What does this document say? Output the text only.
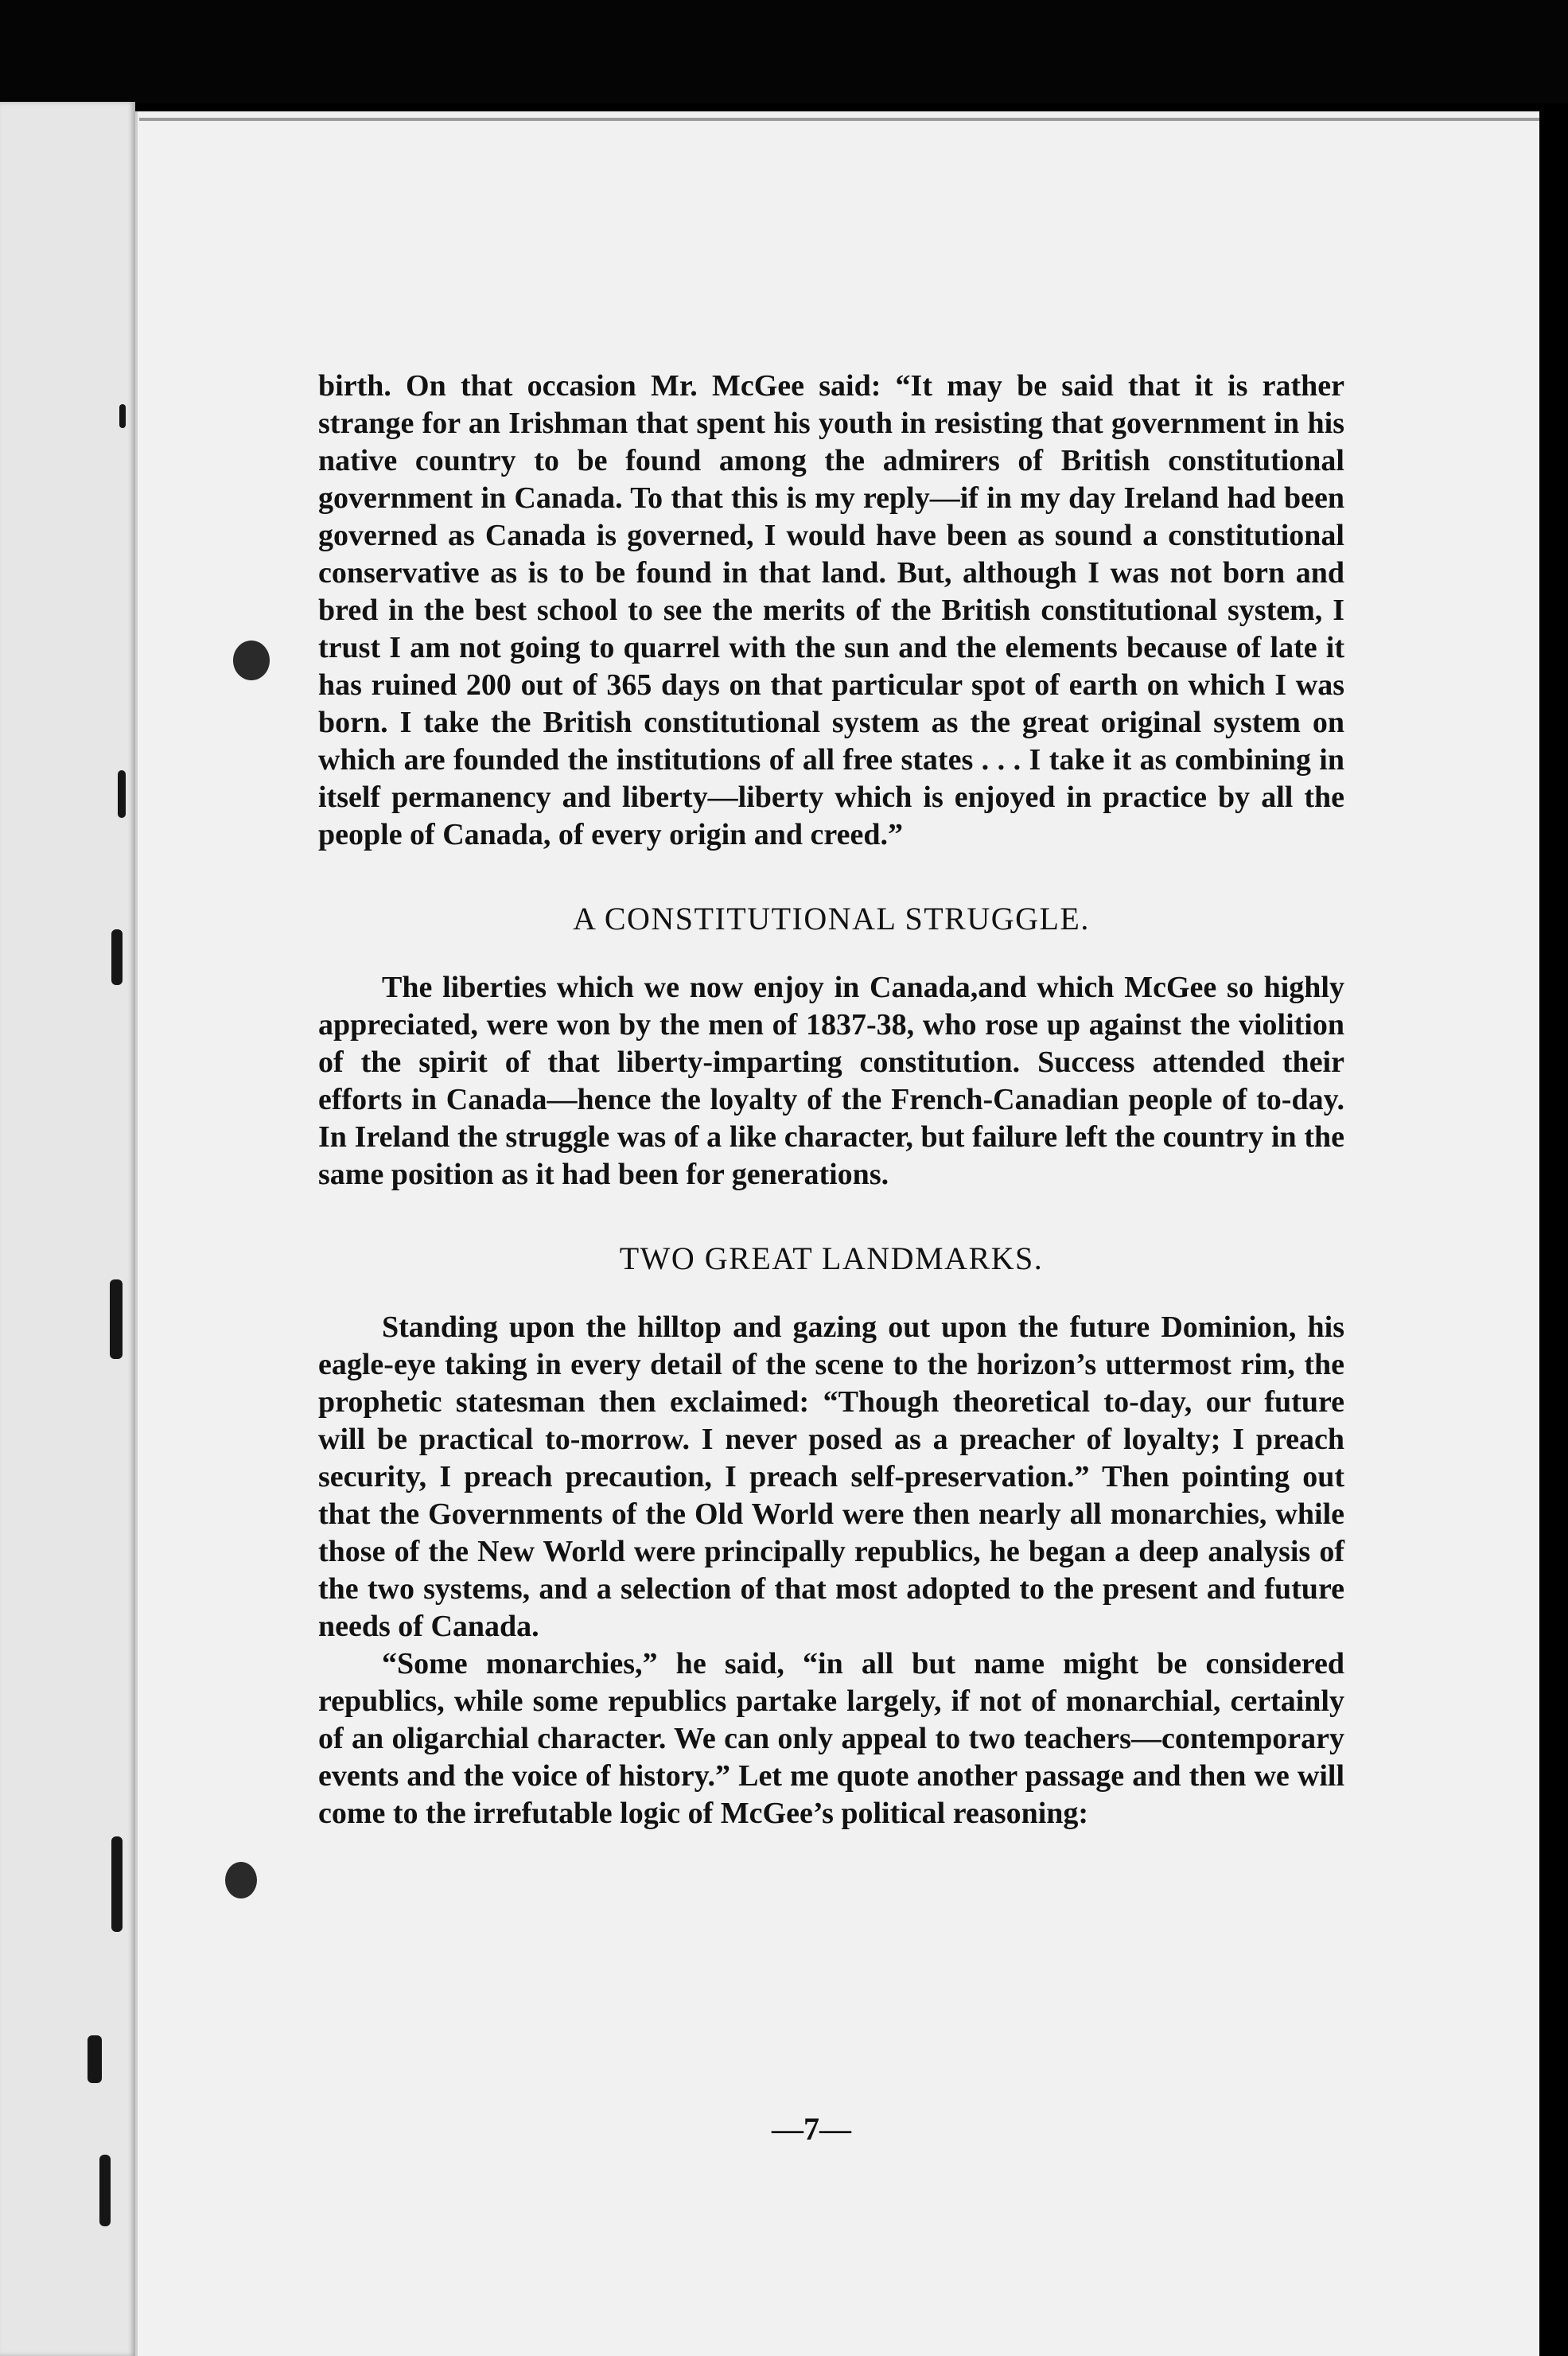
birth. On that occasion Mr. McGee said: “It may be said that it is rather strange for an Irishman that spent his youth in resisting that government in his native country to be found among the admirers of British constitutional government in Canada. To that this is my reply—if in my day Ireland had been governed as Canada is governed, I would have been as sound a constitutional conservative as is to be found in that land. But, although I was not born and bred in the best school to see the merits of the British constitutional system, I trust I am not going to quarrel with the sun and the elements because of late it has ruined 200 out of 365 days on that particular spot of earth on which I was born. I take the British constitutional system as the great original system on which are founded the institutions of all free states . . . I take it as combining in itself permanency and liberty—liberty which is enjoyed in practice by all the people of Canada, of every origin and creed.”

A CONSTITUTIONAL STRUGGLE.

The liberties which we now enjoy in Canada,and which McGee so highly appreciated, were won by the men of 1837-38, who rose up against the violition of the spirit of that liberty-imparting constitution. Success attended their efforts in Canada—hence the loyalty of the French-Canadian people of to-day. In Ireland the struggle was of a like character, but failure left the country in the same position as it had been for generations.

TWO GREAT LANDMARKS.

Standing upon the hilltop and gazing out upon the future Dominion, his eagle-eye taking in every detail of the scene to the horizon’s uttermost rim, the prophetic statesman then exclaimed: “Though theoretical to-day, our future will be practical to-morrow. I never posed as a preacher of loyalty; I preach security, I preach precaution, I preach self-preservation.” Then pointing out that the Governments of the Old World were then nearly all monarchies, while those of the New World were principally republics, he began a deep analysis of the two systems, and a selection of that most adopted to the present and future needs of Canada.

“Some monarchies,” he said, “in all but name might be considered republics, while some republics partake largely, if not of monarchial, certainly of an oligarchial character. We can only appeal to two teachers—contemporary events and the voice of history.” Let me quote another passage and then we will come to the irrefutable logic of McGee’s political reasoning:

—7—
